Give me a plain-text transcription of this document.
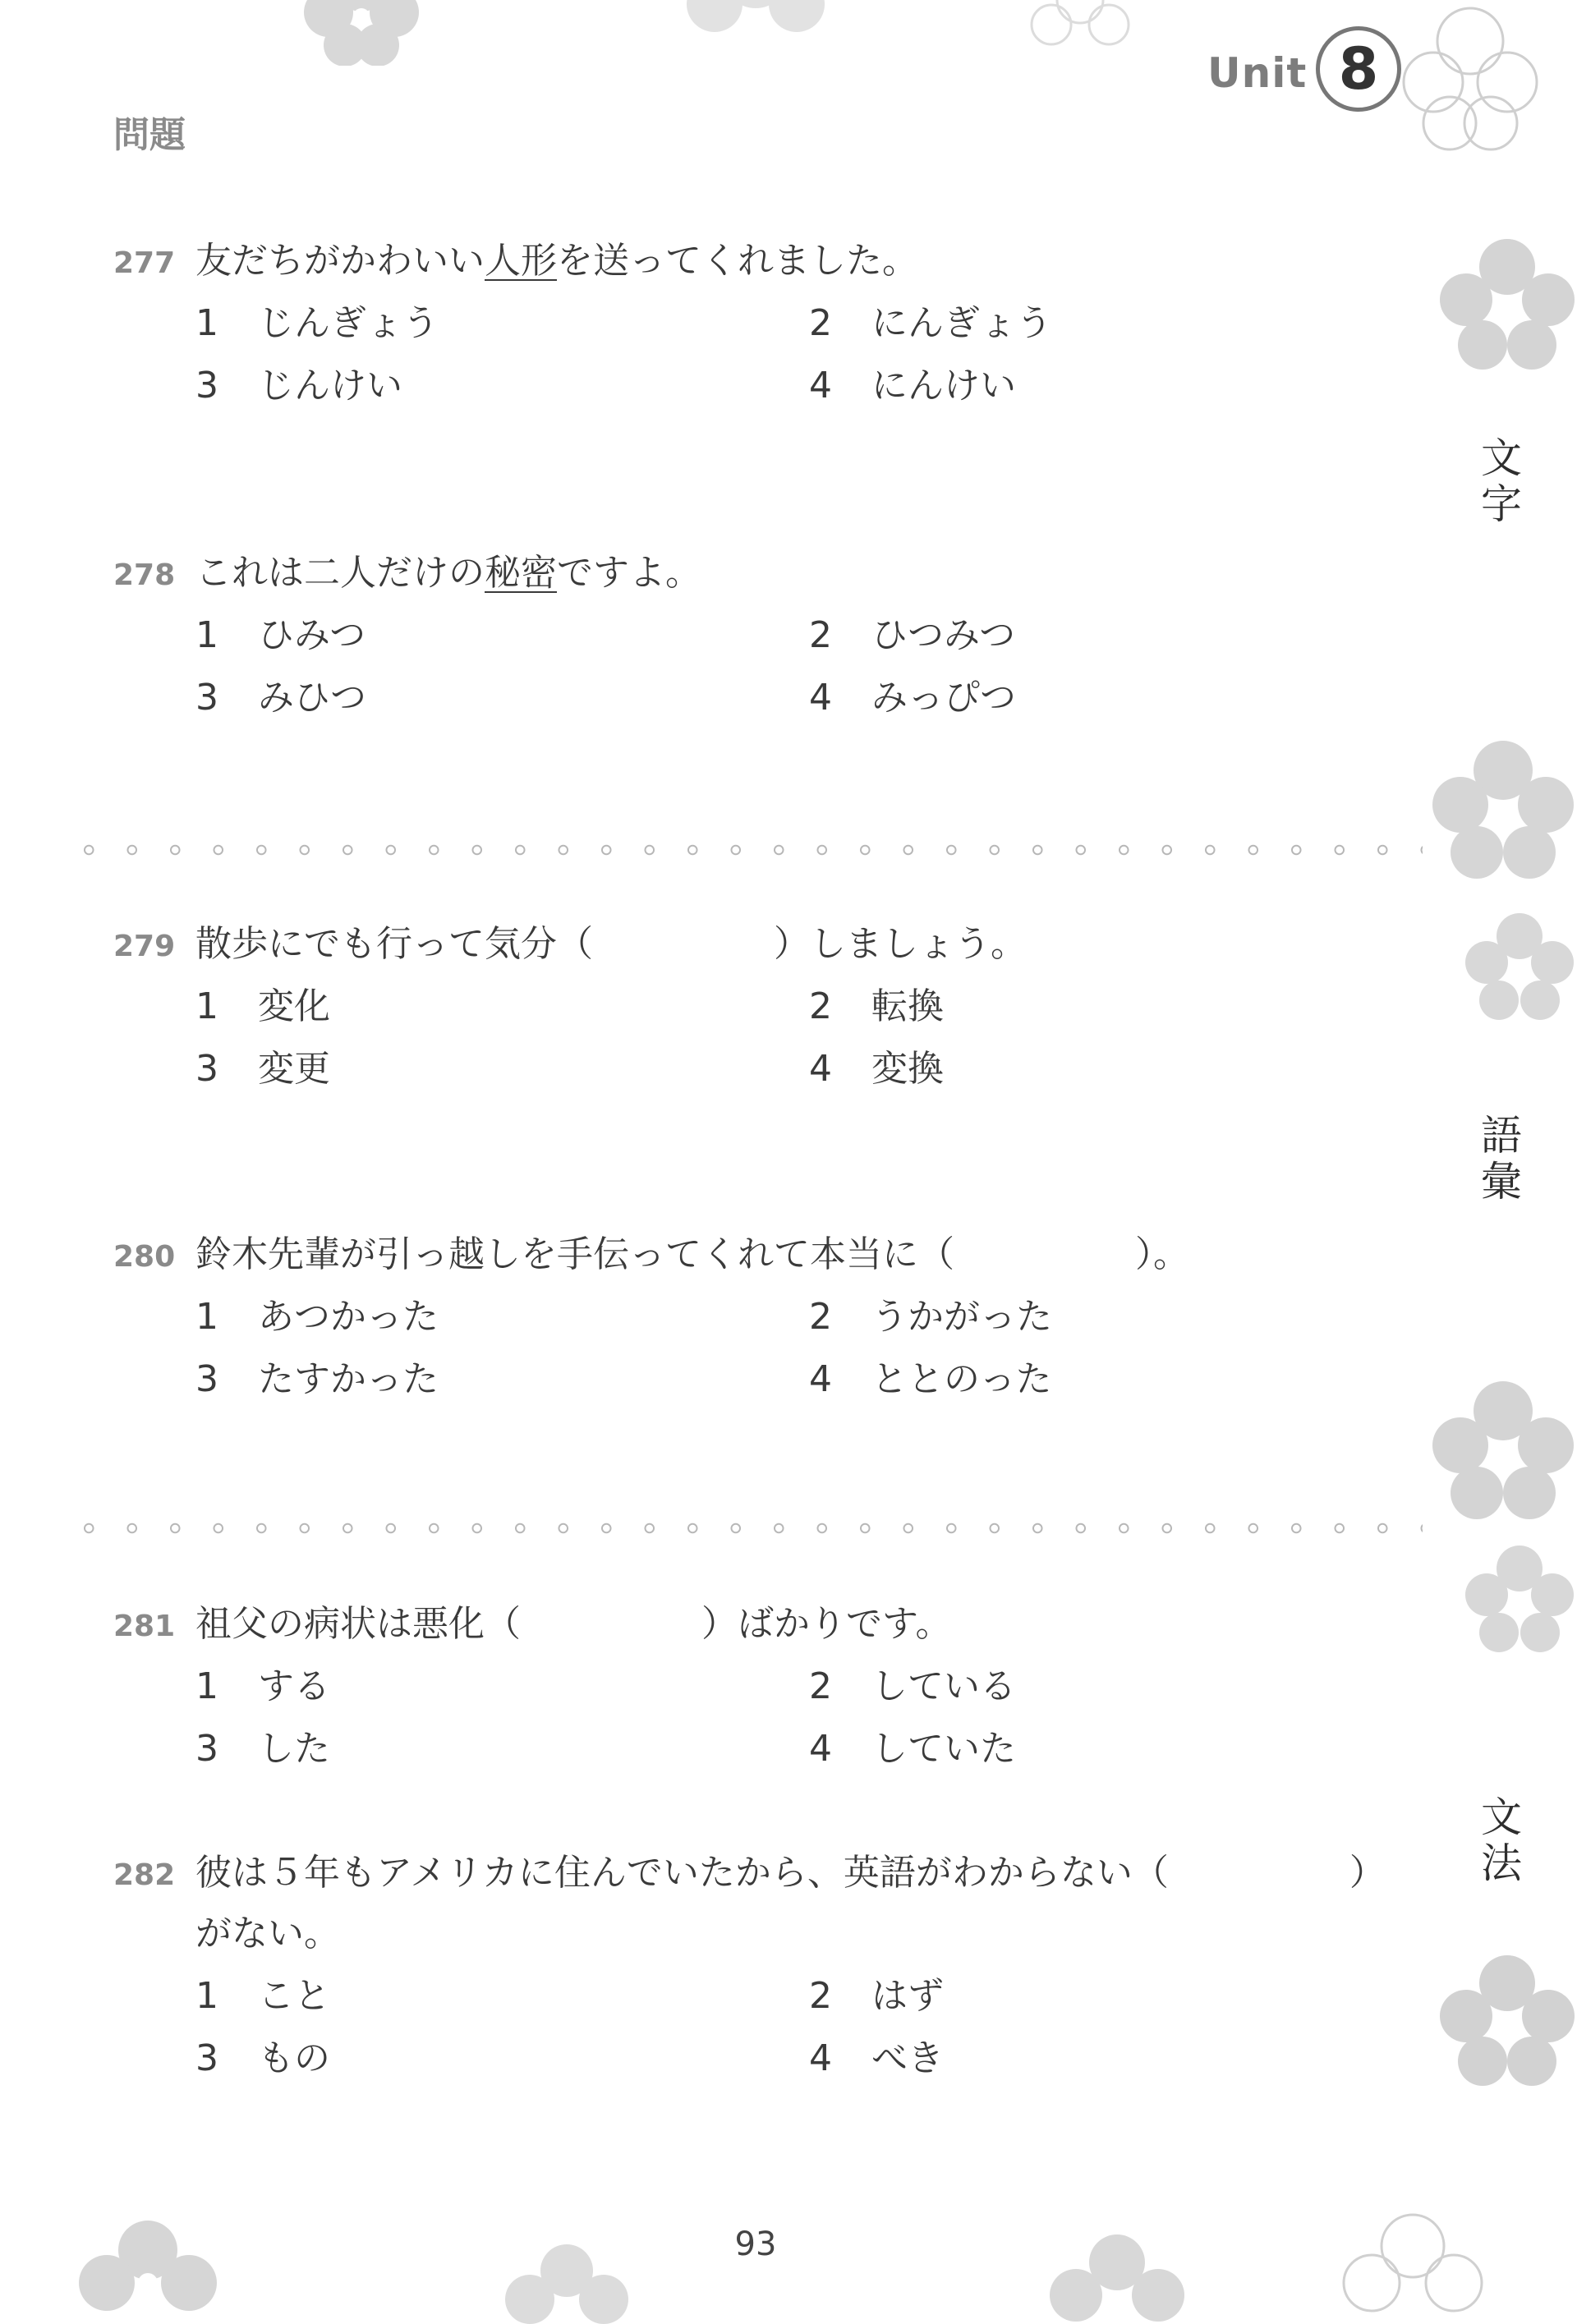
Unit 8
問題
文字
語彙
文法
277 友だちがかわいい人形を送ってくれました。
1 じんぎょう	2 にんぎょう
3 じんけい	4 にんけい
278 これは二人だけの秘密ですよ。
1 ひみつ	2 ひつみつ
3 みひつ	4 みっぴつ
279 散歩にでも行って気分（　　　　　）しましょう。
1 変化	2 転換
3 変更	4 変換
280 鈴木先輩が引っ越しを手伝ってくれて本当に（　　　　　）。
1 あつかった	2 うかがった
3 たすかった	4 ととのった
281 祖父の病状は悪化（　　　　　）ばかりです。
1 する	2 している
3 した	4 していた
282 彼は５年もアメリカに住んでいたから、英語がわからない（　　　　　）
がない。
1 こと	2 はず
3 もの	4 べき
93
